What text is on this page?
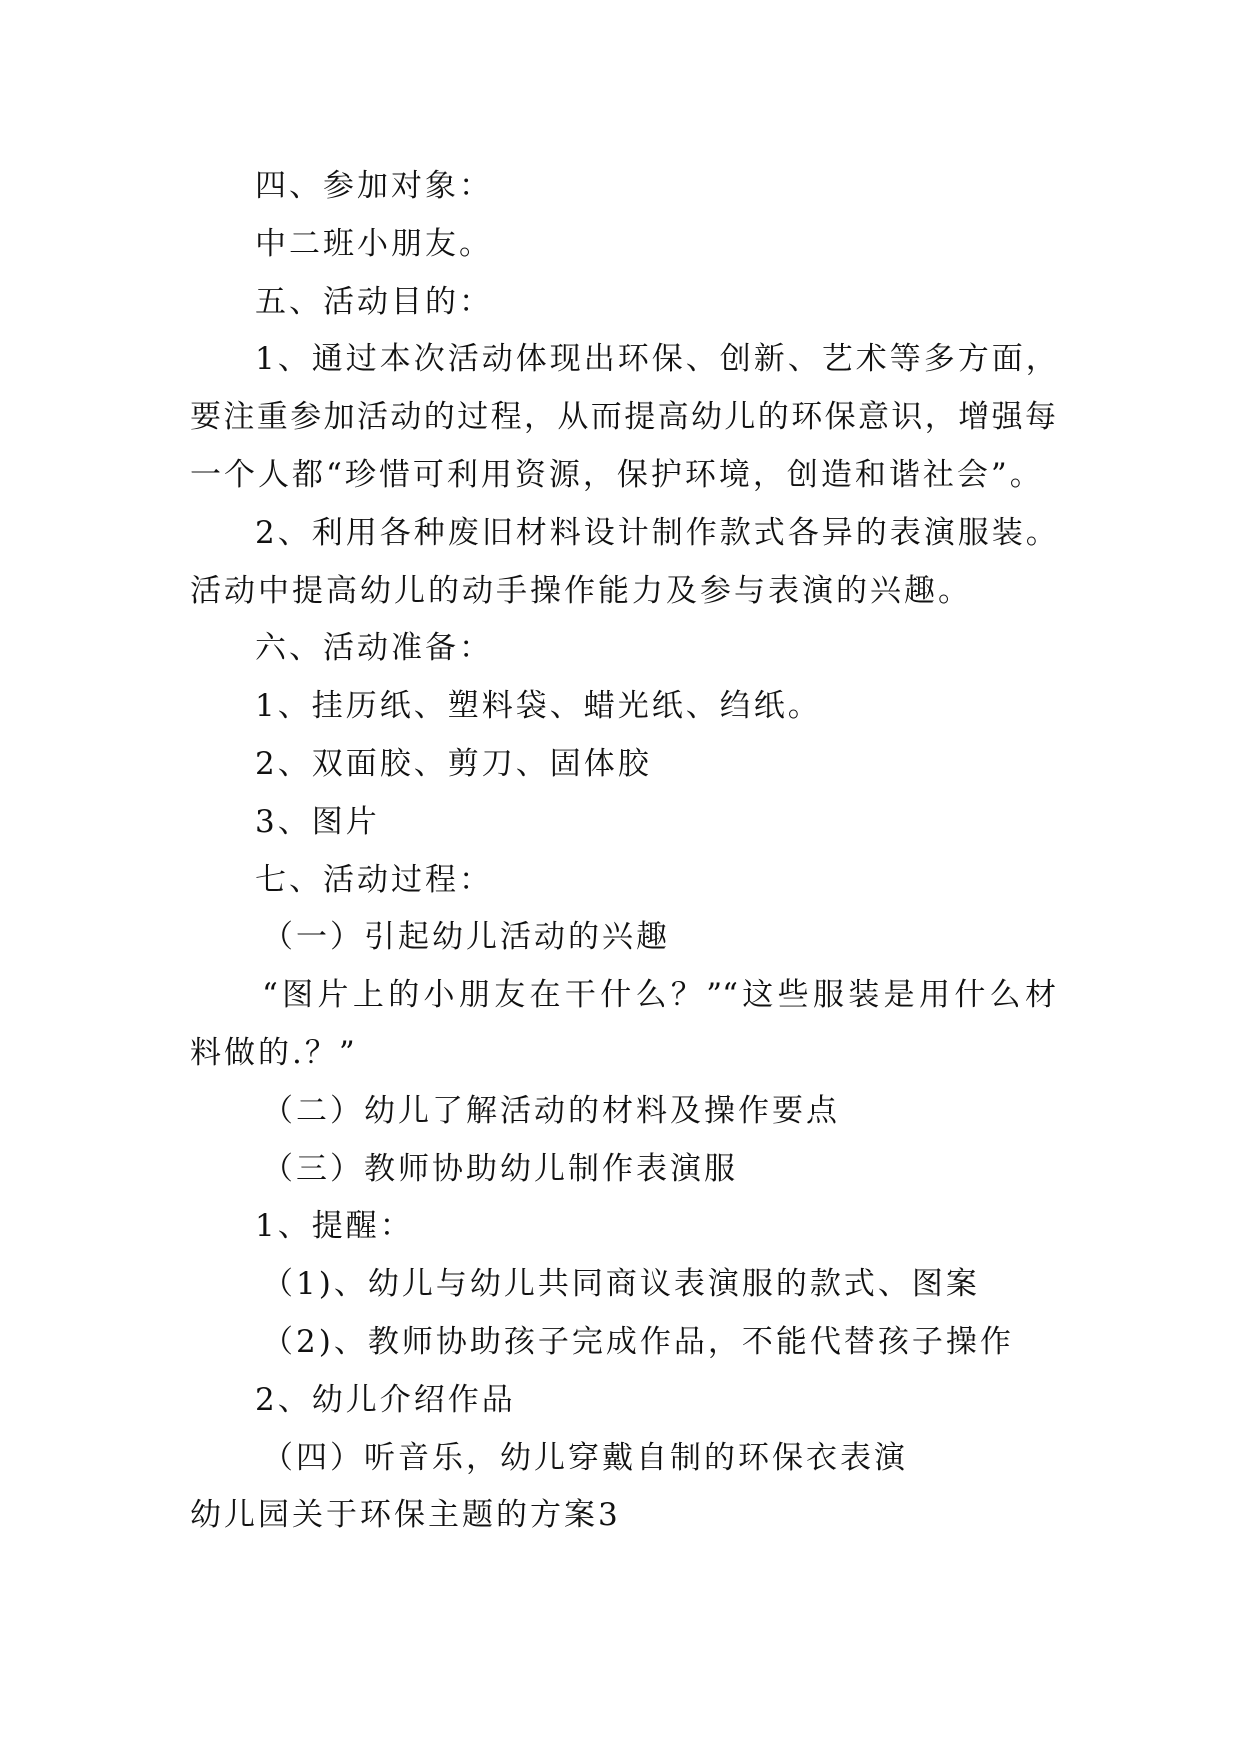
四、参加对象：
中二班小朋友。
五、活动目的：
1、通过本次活动体现出环保、创新、艺术等多方面，
要注重参加活动的过程，从而提高幼儿的环保意识，增强每
一个人都“珍惜可利用资源，保护环境，创造和谐社会”。
2、利用各种废旧材料设计制作款式各异的表演服装。
活动中提高幼儿的动手操作能力及参与表演的兴趣。
六、活动准备：
1、挂历纸、塑料袋、蜡光纸、绉纸。
2、双面胶、剪刀、固体胶
3、图片
七、活动过程：
（一）引起幼儿活动的兴趣
“图片上的小朋友在干什么？”“这些服装是用什么材
料做的.？”
（二）幼儿了解活动的材料及操作要点
（三）教师协助幼儿制作表演服
1、提醒：
（1)、幼儿与幼儿共同商议表演服的款式、图案
（2)、教师协助孩子完成作品，不能代替孩子操作
2、幼儿介绍作品
（四）听音乐，幼儿穿戴自制的环保衣表演
幼儿园关于环保主题的方案3
